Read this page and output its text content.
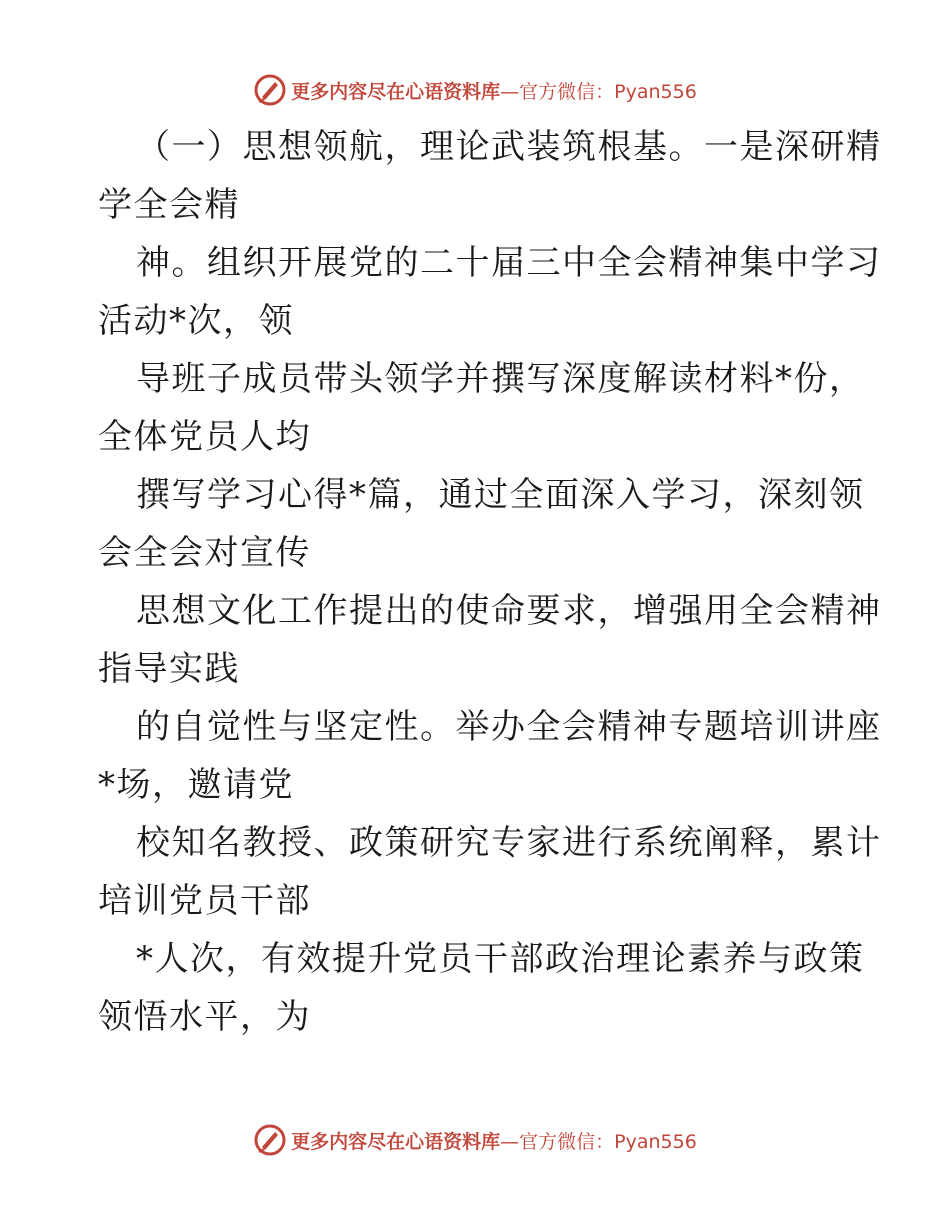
更多内容尽在心语资料库—官方微信：Pyan556
（一）思想领航，理论武装筑根基。一是深研精
学全会精
神。组织开展党的二十届三中全会精神集中学习
活动*次，领
导班子成员带头领学并撰写深度解读材料*份，
全体党员人均
撰写学习心得*篇，通过全面深入学习，深刻领
会全会对宣传
思想文化工作提出的使命要求，增强用全会精神
指导实践
的自觉性与坚定性。举办全会精神专题培训讲座
*场，邀请党
校知名教授、政策研究专家进行系统阐释，累计
培训党员干部
*人次，有效提升党员干部政治理论素养与政策
领悟水平，为
更多内容尽在心语资料库—官方微信：Pyan556
